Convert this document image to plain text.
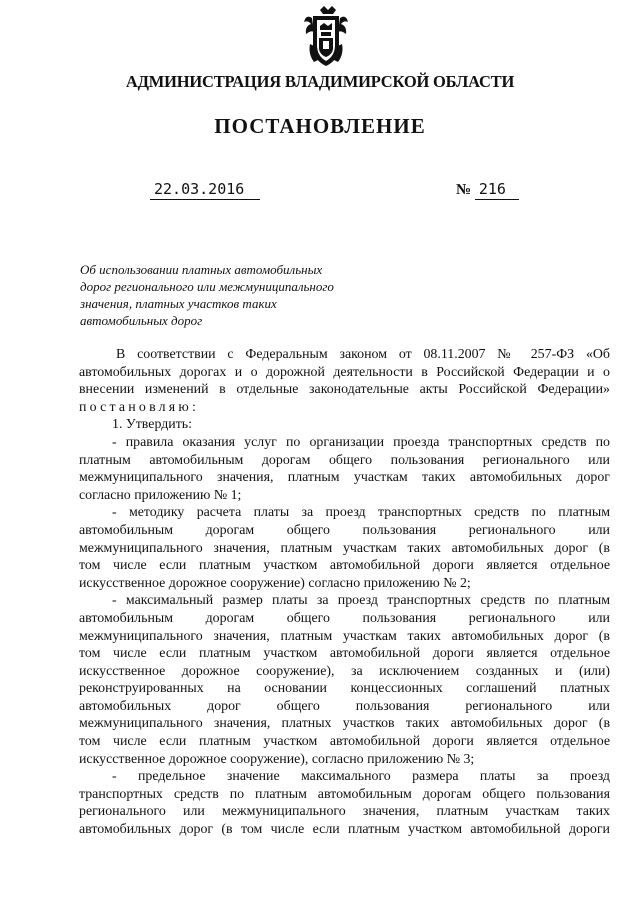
АДМИНИСТРАЦИЯ ВЛАДИМИРСКОЙ ОБЛАСТИ
ПОСТАНОВЛЕНИЕ
22.03.2016	№ 216
Об использовании платных автомобильных
дорог регионального или межмуниципального
значения, платных участков таких
автомобильных дорог
В соответствии с Федеральным законом от 08.11.2007 № 257-ФЗ «Об
автомобильных дорогах и о дорожной деятельности в Российской Федерации и о
внесении изменений в отдельные законодательные акты Российской Федерации»
постановляю:
1. Утвердить:
- правила оказания услуг по организации проезда транспортных средств по
платным автомобильным дорогам общего пользования регионального или
межмуниципального значения, платным участкам таких автомобильных дорог
согласно приложению № 1;
- методику расчета платы за проезд транспортных средств по платным
автомобильным дорогам общего пользования регионального или
межмуниципального значения, платным участкам таких автомобильных дорог (в
том числе если платным участком автомобильной дороги является отдельное
искусственное дорожное сооружение) согласно приложению № 2;
- максимальный размер платы за проезд транспортных средств по платным
автомобильным дорогам общего пользования регионального или
межмуниципального значения, платным участкам таких автомобильных дорог (в
том числе если платным участком автомобильной дороги является отдельное
искусственное дорожное сооружение), за исключением созданных и (или)
реконструированных на основании концессионных соглашений платных
автомобильных дорог общего пользования регионального или
межмуниципального значения, платных участков таких автомобильных дорог (в
том числе если платным участком автомобильной дороги является отдельное
искусственное дорожное сооружение), согласно приложению № 3;
- предельное значение максимального размера платы за проезд
транспортных средств по платным автомобильным дорогам общего пользования
регионального или межмуниципального значения, платным участкам таких
автомобильных дорог (в том числе если платным участком автомобильной дороги
